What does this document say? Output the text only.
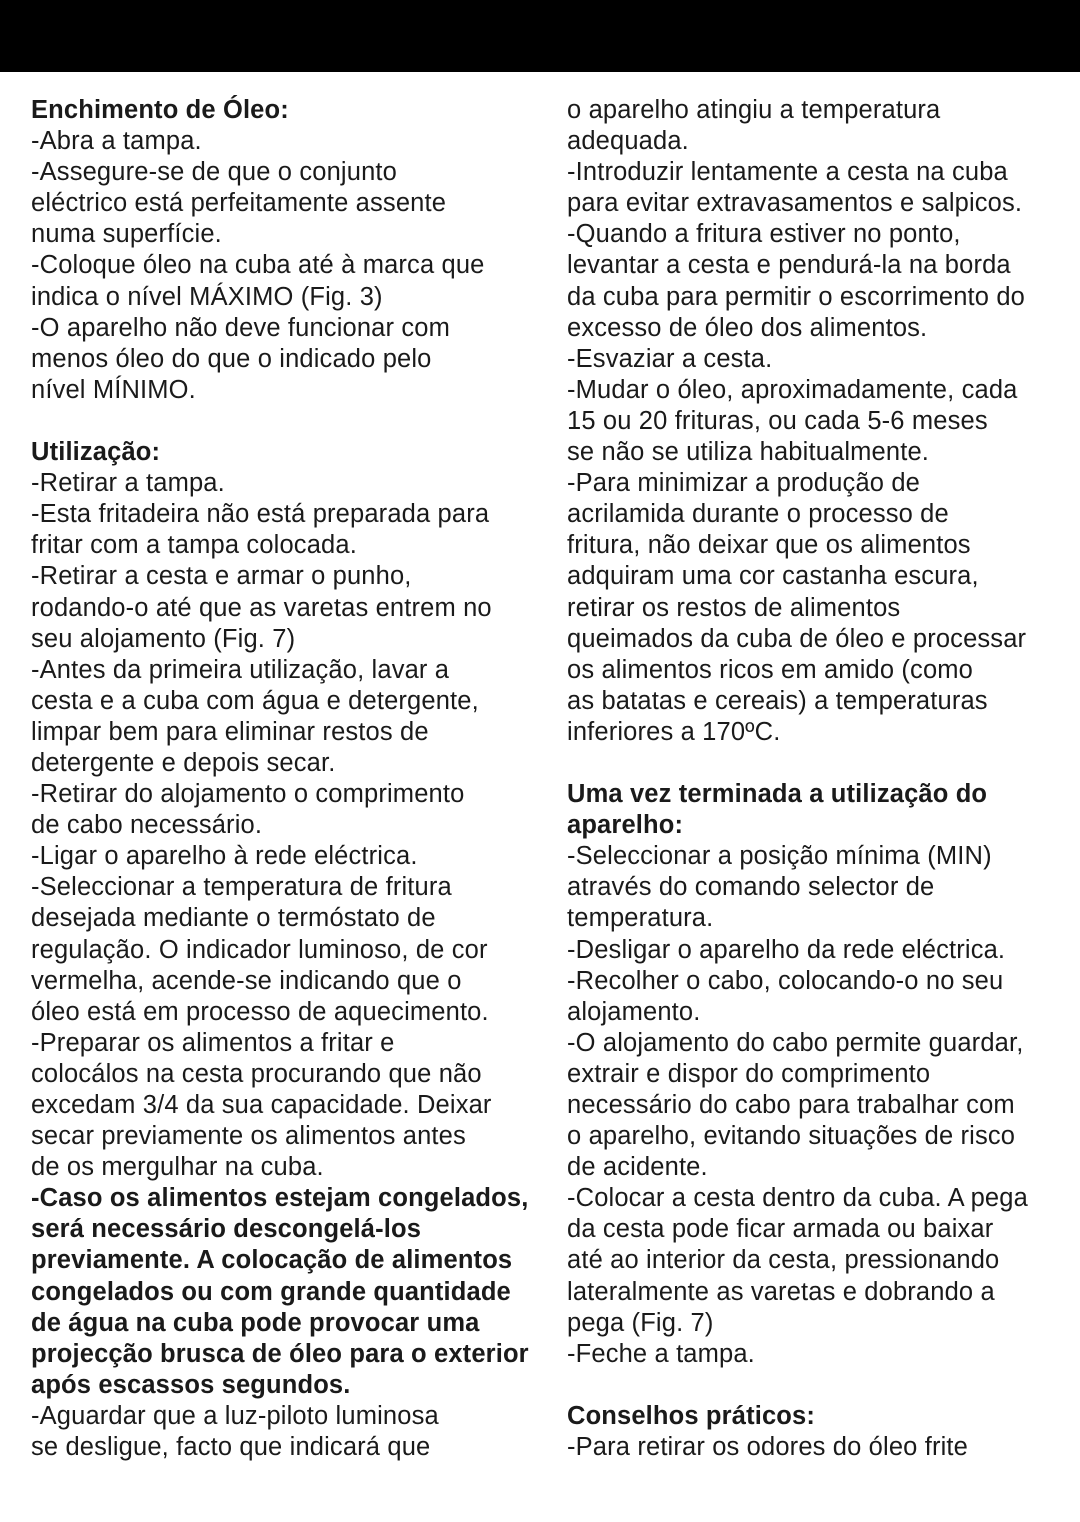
Enchimento de Óleo:
-Abra a tampa.
-Assegure-se de que o conjunto
eléctrico está perfeitamente assente
numa superfície.
-Coloque óleo na cuba até à marca que
indica o nível MÁXIMO (Fig. 3)
-O aparelho não deve funcionar com
menos óleo do que o indicado pelo
nível MÍNIMO.
Utilização:
-Retirar a tampa.
-Esta fritadeira não está preparada para
fritar com a tampa colocada.
-Retirar a cesta e armar o punho,
rodando-o até que as varetas entrem no
seu alojamento (Fig. 7)
-Antes da primeira utilização, lavar a
cesta e a cuba com água e detergente,
limpar bem para eliminar restos de
detergente e depois secar.
-Retirar do alojamento o comprimento
de cabo necessário.
-Ligar o aparelho à rede eléctrica.
-Seleccionar a temperatura de fritura
desejada mediante o termóstato de
regulação. O indicador luminoso, de cor
vermelha, acende-se indicando que o
óleo está em processo de aquecimento.
-Preparar os alimentos a fritar e
colocálos na cesta procurando que não
excedam 3/4 da sua capacidade. Deixar
secar previamente os alimentos antes
de os mergulhar na cuba.
-Caso os alimentos estejam congelados,
será necessário descongelá-los
previamente. A colocação de alimentos
congelados ou com grande quantidade
de água na cuba pode provocar uma
projecção brusca de óleo para o exterior
após escassos segundos.
-Aguardar que a luz-piloto luminosa
se desligue, facto que indicará que
o aparelho atingiu a temperatura
adequada.
-Introduzir lentamente a cesta na cuba
para evitar extravasamentos e salpicos.
-Quando a fritura estiver no ponto,
levantar a cesta e pendurá-la na borda
da cuba para permitir o escorrimento do
excesso de óleo dos alimentos.
-Esvaziar a cesta.
-Mudar o óleo, aproximadamente, cada
15 ou 20 frituras, ou cada 5-6 meses
se não se utiliza habitualmente.
-Para minimizar a produção de
acrilamida durante o processo de
fritura, não deixar que os alimentos
adquiram uma cor castanha escura,
retirar os restos de alimentos
queimados da cuba de óleo e processar
os alimentos ricos em amido (como
as batatas e cereais) a temperaturas
inferiores a 170ºC.
Uma vez terminada a utilização do
aparelho:
-Seleccionar a posição mínima (MIN)
através do comando selector de
temperatura.
-Desligar o aparelho da rede eléctrica.
-Recolher o cabo, colocando-o no seu
alojamento.
-O alojamento do cabo permite guardar,
extrair e dispor do comprimento
necessário do cabo para trabalhar com
o aparelho, evitando situações de risco
de acidente.
-Colocar a cesta dentro da cuba. A pega
da cesta pode ficar armada ou baixar
até ao interior da cesta, pressionando
lateralmente as varetas e dobrando a
pega (Fig. 7)
-Feche a tampa.
Conselhos práticos:
-Para retirar os odores do óleo frite
